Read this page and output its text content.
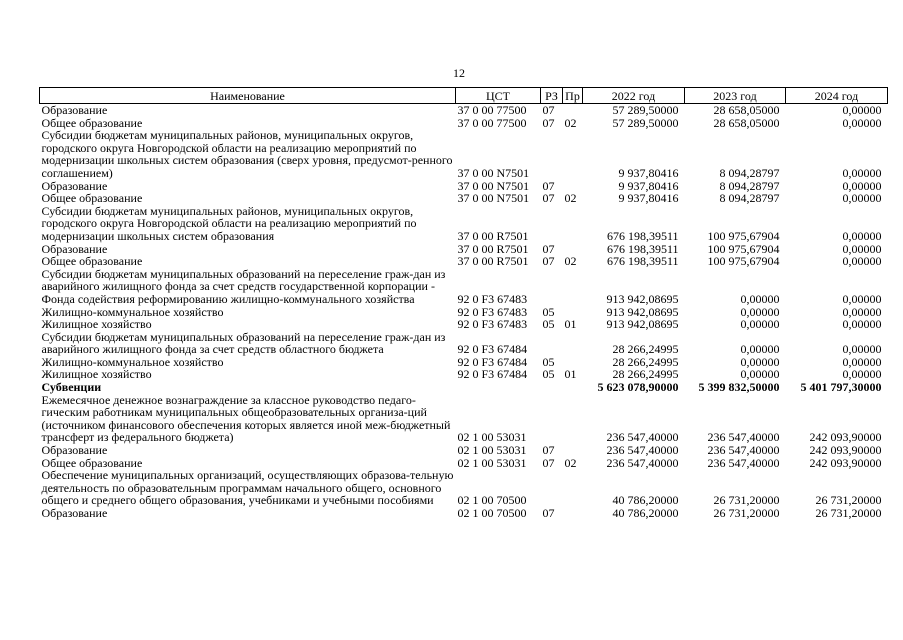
12
Наименование	ЦСТ	РЗ	Пр	2022 год	2023 год	2024 год
Образование	37 0 00 77500	07		57 289,50000	28 658,05000	0,00000
Общее образование	37 0 00 77500	07	02	57 289,50000	28 658,05000	0,00000
Субсидии бюджетам муниципальных районов, муниципальных округов, городского округа Новгородской области на реализацию мероприятий по модернизации школьных систем образования (сверх уровня, предусмот-ренного соглашением)	37 0 00 N7501			9 937,80416	8 094,28797	0,00000
Образование	37 0 00 N7501	07		9 937,80416	8 094,28797	0,00000
Общее образование	37 0 00 N7501	07	02	9 937,80416	8 094,28797	0,00000
Субсидии бюджетам муниципальных районов, муниципальных округов, городского округа Новгородской области на реализацию мероприятий по модернизации школьных систем образования	37 0 00 R7501			676 198,39511	100 975,67904	0,00000
Образование	37 0 00 R7501	07		676 198,39511	100 975,67904	0,00000
Общее образование	37 0 00 R7501	07	02	676 198,39511	100 975,67904	0,00000
Субсидии бюджетам муниципальных образований на переселение граж-дан из аварийного жилищного фонда за счет средств государственной корпорации - Фонда содействия реформированию жилищно-коммунального хозяйства	92 0 F3 67483			913 942,08695	0,00000	0,00000
Жилищно-коммунальное хозяйство	92 0 F3 67483	05		913 942,08695	0,00000	0,00000
Жилищное хозяйство	92 0 F3 67483	05	01	913 942,08695	0,00000	0,00000
Субсидии бюджетам муниципальных образований на переселение граж-дан из аварийного жилищного фонда за счет средств областного бюджета	92 0 F3 67484			28 266,24995	0,00000	0,00000
Жилищно-коммунальное хозяйство	92 0 F3 67484	05		28 266,24995	0,00000	0,00000
Жилищное хозяйство	92 0 F3 67484	05	01	28 266,24995	0,00000	0,00000
Субвенции				5 623 078,90000	5 399 832,50000	5 401 797,30000
Ежемесячное денежное вознаграждение за классное руководство педаго-гическим работникам муниципальных общеобразовательных организа-ций (источником финансового обеспечения которых является иной меж-бюджетный трансферт из федерального бюджета)	02 1 00 53031			236 547,40000	236 547,40000	242 093,90000
Образование	02 1 00 53031	07		236 547,40000	236 547,40000	242 093,90000
Общее образование	02 1 00 53031	07	02	236 547,40000	236 547,40000	242 093,90000
Обеспечение муниципальных организаций, осуществляющих образова-тельную деятельность по образовательным программам начального общего, основного общего и среднего общего образования, учебниками и учебными пособиями	02 1 00 70500			40 786,20000	26 731,20000	26 731,20000
Образование	02 1 00 70500	07		40 786,20000	26 731,20000	26 731,20000
